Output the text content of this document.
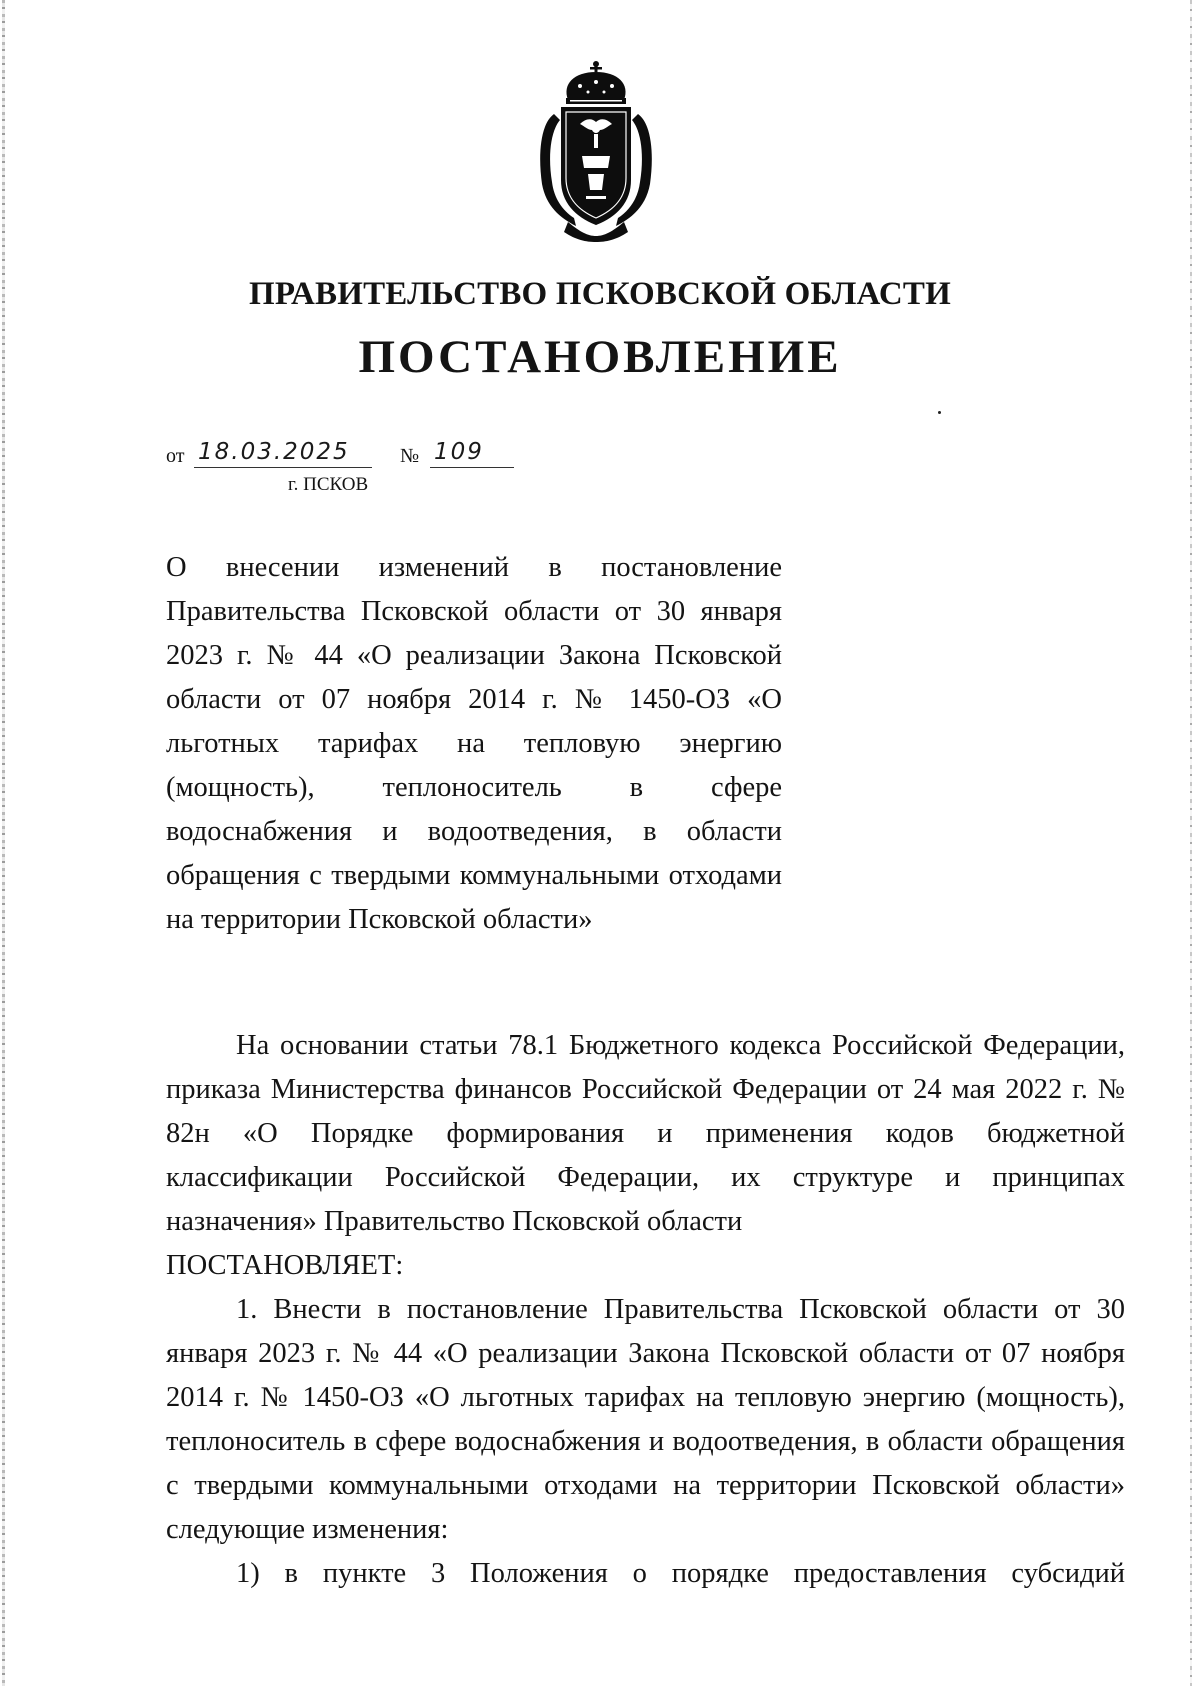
ПРАВИТЕЛЬСТВО ПСКОВСКОЙ ОБЛАСТИ
ПОСТАНОВЛЕНИЕ
от 18.03.2025	№ 109
г. ПСКОВ
О внесении изменений в постановление Правительства Псковской области от 30 января 2023 г. № 44 «О реализации Закона Псковской области от 07 ноября 2014 г. № 1450-ОЗ «О льготных тарифах на тепловую энергию (мощность), теплоноситель в сфере водоснабжения и водоотведения, в области обращения с твердыми коммунальными отходами на территории Псковской области»

На основании статьи 78.1 Бюджетного кодекса Российской Федерации, приказа Министерства финансов Российской Федерации от 24 мая 2022 г. № 82н «О Порядке формирования и применения кодов бюджетной классификации Российской Федерации, их структуре и принципах назначения» Правительство Псковской области

ПОСТАНОВЛЯЕТ:

1. Внести в постановление Правительства Псковской области от 30 января 2023 г. № 44 «О реализации Закона Псковской области от 07 ноября 2014 г. № 1450-ОЗ «О льготных тарифах на тепловую энергию (мощность), теплоноситель в сфере водоснабжения и водоотведения, в области обращения с твердыми коммунальными отходами на территории Псковской области» следующие изменения:

1) в пункте 3 Положения о порядке предоставления субсидий
